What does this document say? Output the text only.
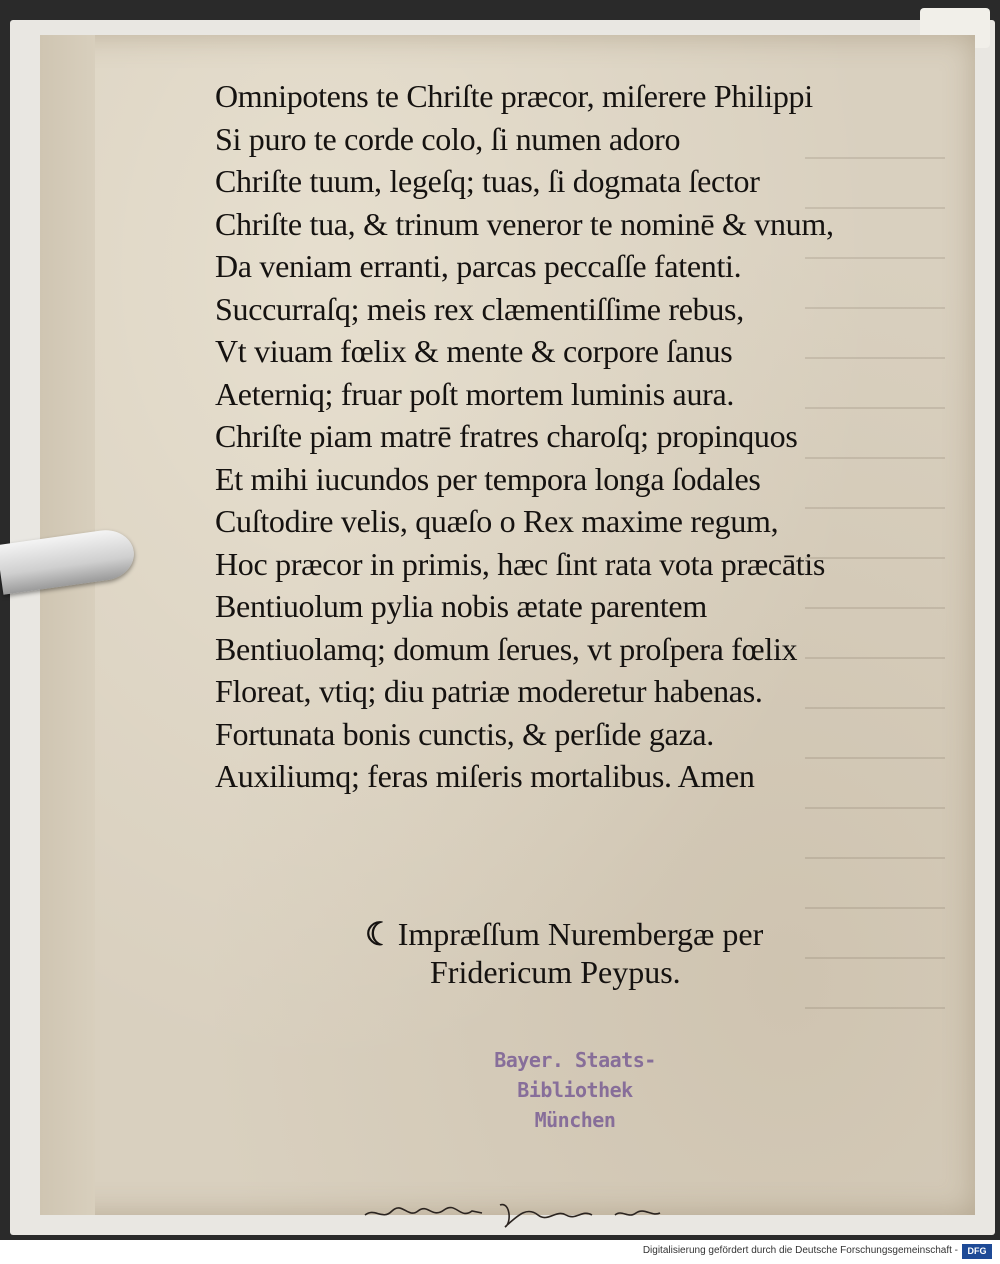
Omnipotens te Chriſte præcor, miſerere Philippi
Si puro te corde colo, ſi numen adoro
Chriſte tuum, legeſq; tuas, ſi dogmata ſector
Chriſte tua, & trinum veneror te nominē & vnum,
Da veniam erranti, parcas peccaſſe fatenti.
Succurraſq; meis rex clæmentiſſime rebus,
Vt viuam fœlix & mente & corpore ſanus
Aeterniq; fruar poſt mortem luminis aura.
Chriſte piam matrē fratres charoſq; propinquos
Et mihi iucundos per tempora longa ſodales
Cuſtodire velis, quæſo o Rex maxime regum,
Hoc præcor in primis, hæc ſint rata vota præcātis
Bentiuolum pylia nobis ætate parentem
Bentiuolamq; domum ſerues, vt proſpera fœlix
Floreat, vtiq; diu patriæ moderetur habenas.
Fortunata bonis cunctis, & perſide gaza.
Auxiliumq; feras miſeris mortalibus. Amen
☾ Impræſſum Nurembergæ per
Fridericum Peypus.
Bayer. Staats-
Bibliothek
München
Digitalisierung gefördert durch die Deutsche Forschungsgemeinschaft -	DFG
